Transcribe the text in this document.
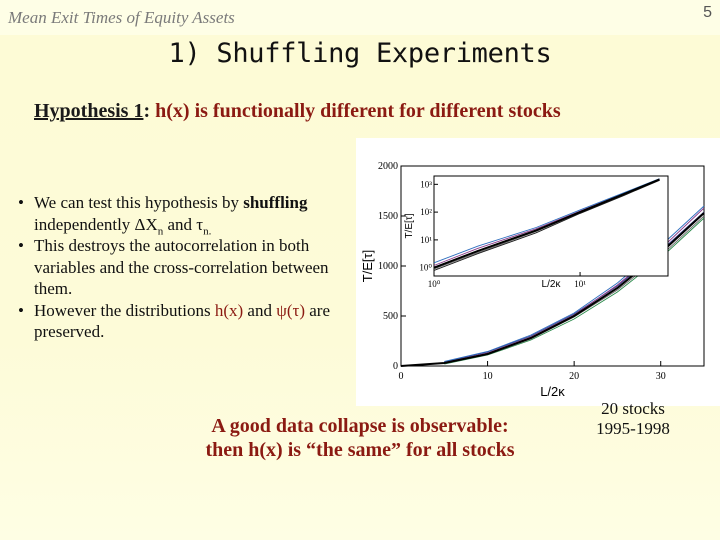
Mean Exit Times of Equity Assets	5
1) Shuffling Experiments
Hypothesis 1: h(x) is functionally different for different stocks
• We can test this hypothesis by shuffling independently $\Delta X_n$ and $\tau_{n.}$
• This destroys the autocorrelation in both variables and the cross-correlation between them.
• However the distributions h(x) and ψ(τ) are preserved.
0	10	20	30
0
500
1000
1500
2000
L/2κ
T/E[τ]
10⁰	10¹
10⁰
10¹
10²
10³
L/2κ
T/E[τ]
A good data collapse is observable:
then h(x) is “the same” for all stocks
20 stocks
1995-1998
